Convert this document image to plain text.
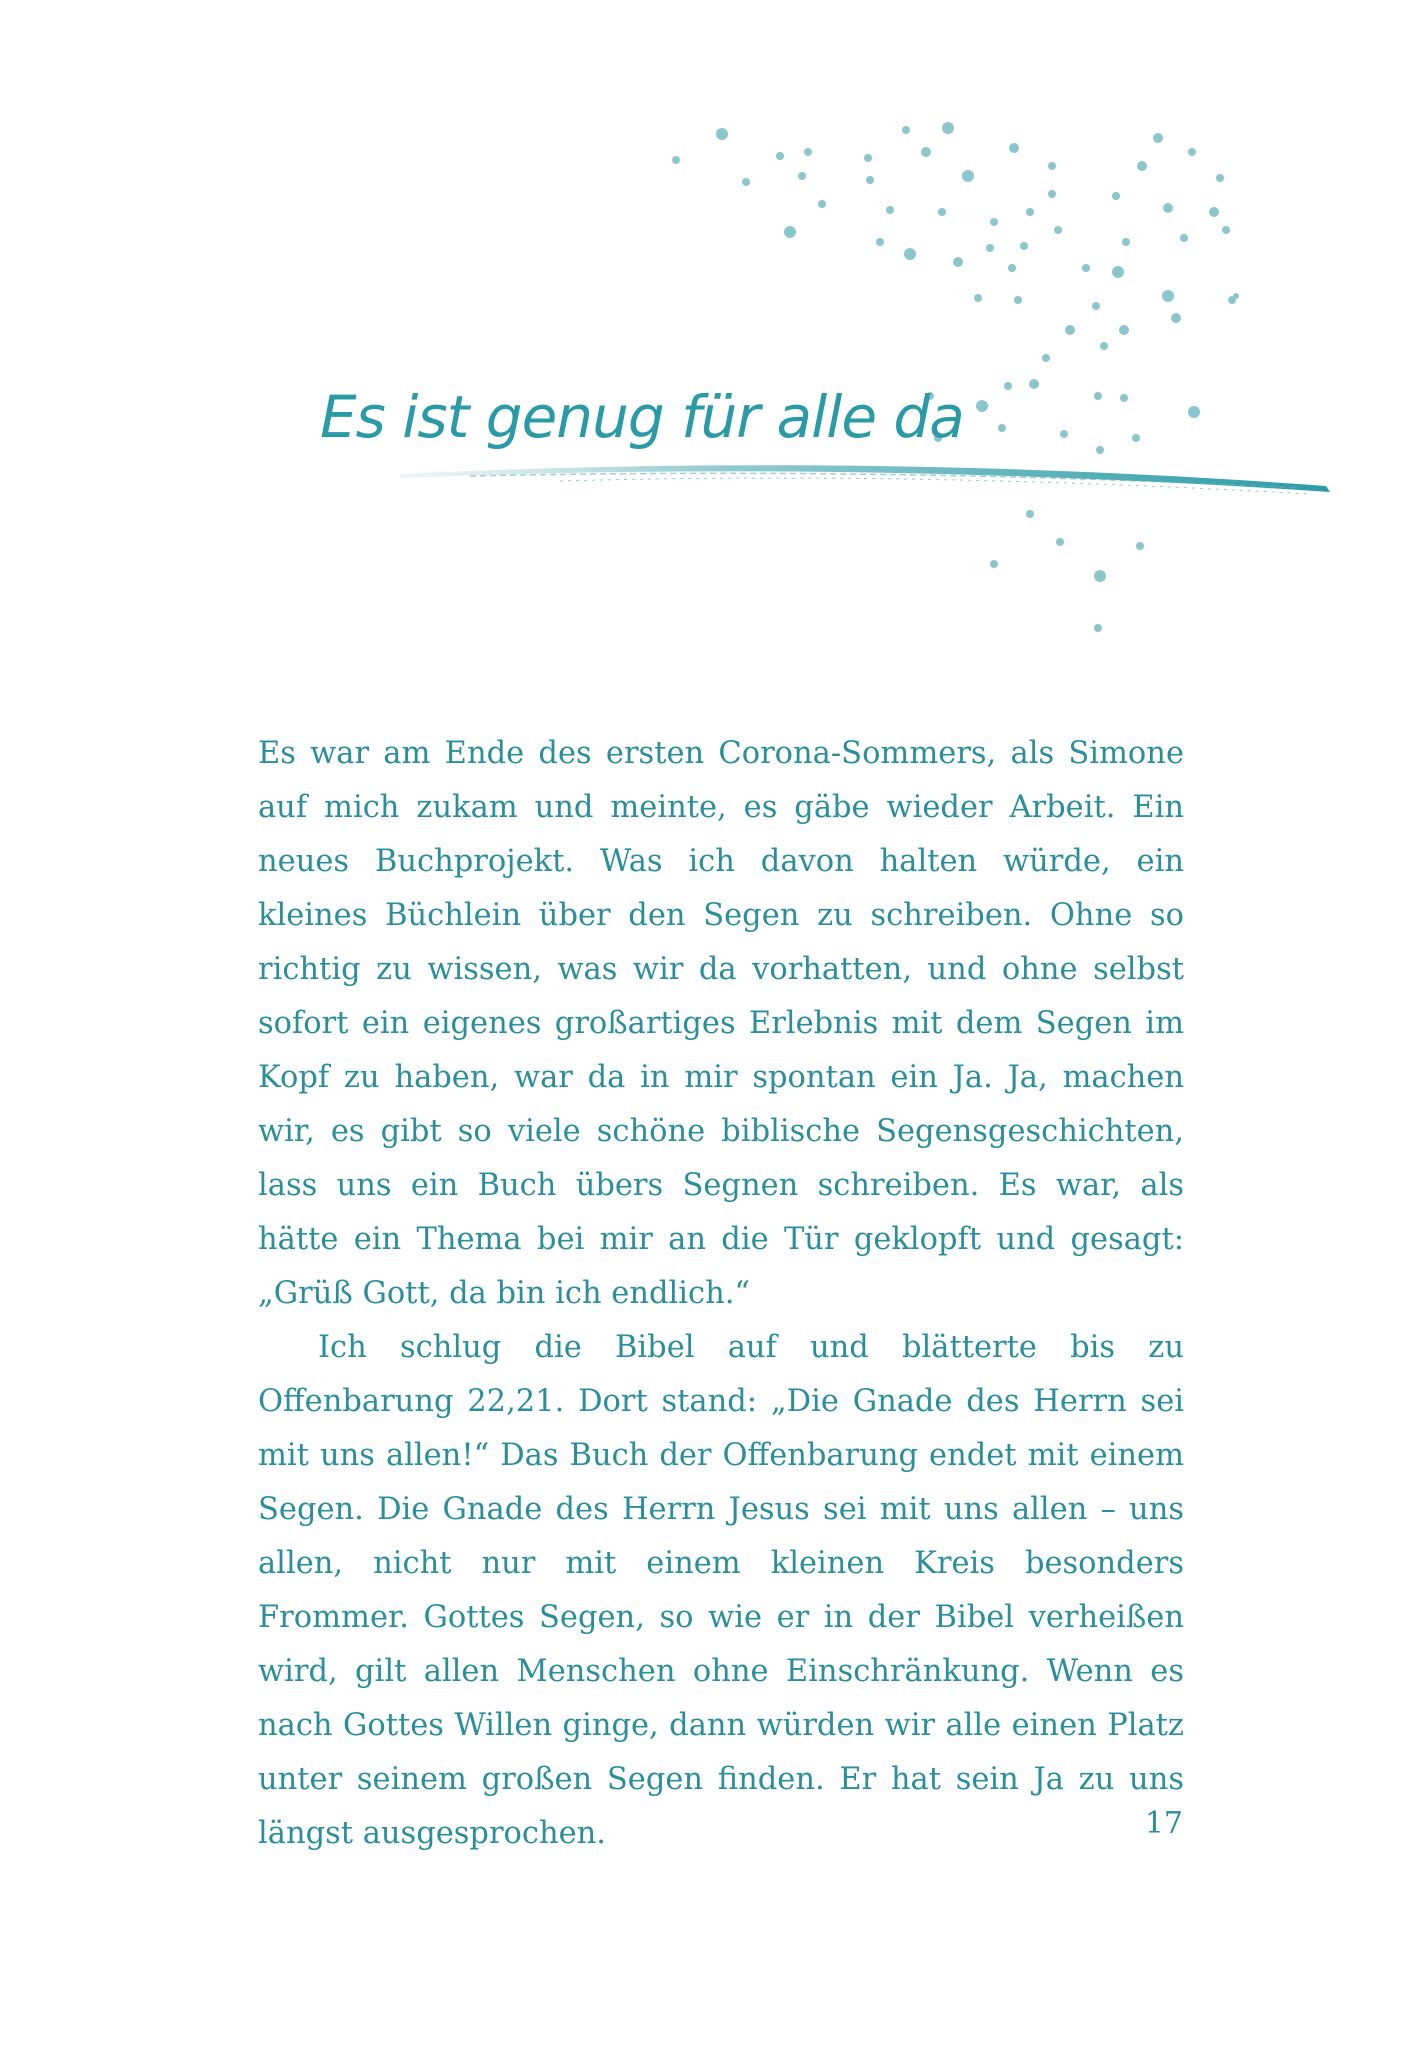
Es ist genug für alle da

Es war am Ende des ersten Corona-Sommers, als Simone auf mich zukam und meinte, es gäbe wieder Arbeit. Ein neues Buchprojekt. Was ich davon halten würde, ein kleines Büchlein über den Segen zu schreiben. Ohne so richtig zu wissen, was wir da vorhatten, und ohne selbst sofort ein eigenes großartiges Erlebnis mit dem Segen im Kopf zu haben, war da in mir spontan ein Ja. Ja, machen wir, es gibt so viele schöne biblische Segensgeschichten, lass uns ein Buch übers Segnen schreiben. Es war, als hätte ein Thema bei mir an die Tür geklopft und gesagt: „Grüß Gott, da bin ich endlich.“

Ich schlug die Bibel auf und blätterte bis zu Offenbarung 22,21. Dort stand: „Die Gnade des Herrn sei mit uns allen!“ Das Buch der Offenbarung endet mit einem Segen. Die Gnade des Herrn Jesus sei mit uns allen – uns allen, nicht nur mit einem kleinen Kreis besonders Frommer. Gottes Segen, so wie er in der Bibel verheißen wird, gilt allen Menschen ohne Einschränkung. Wenn es nach Gottes Willen ginge, dann würden wir alle einen Platz unter seinem großen Segen finden. Er hat sein Ja zu uns längst ausgesprochen.	17
